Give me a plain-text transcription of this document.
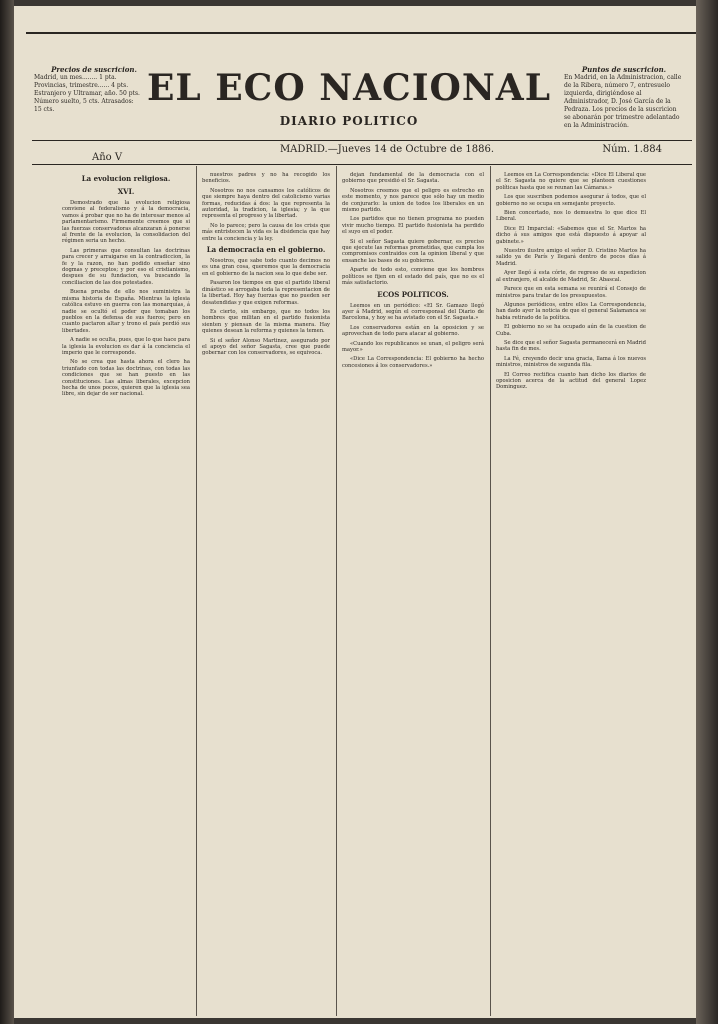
Precios de suscricion.
Madrid, un mes........ 1 pta.
Provincias, trimestre...... 4 pts.
Estranjero y Ultramar, año. 50 pts.
Número suelto, 5 cts. Atrasados:
15 cts.
EL ECO NACIONAL
DIARIO POLITICO
Puntos de suscricion.
En Madrid, en la Administracion, calle de la Ribera, número 7, entresuelo izquierda, dirigiéndose al Administrador, D. José García de la Pedraza. Los precios de la suscricion se abonarán por trimestre adelantado en la Administración.
Año V
MADRID.—Jueves 14 de Octubre de 1886.	Núm. 1.884
La evolucion religiosa.
XVI.

Demostrado que la evolucion religiosa conviene al federalismo y á la democracia, vamos á probar que no ha de interesar menos al parlamentarismo. Firmemente creemos que si las fuerzas conservadoras alcanzaran á ponerse al frente de la evolucion, la consolidacion del régimen seria un hecho.

Las primeras que consultan las doctrinas para crecer y arraigarse en la contradiccion, la fe y la razon, no han podido enseñar sino dogmas y preceptos; y por eso el cristianismo, despues de su fundacion, va buscando la conciliacion de las dos potestades.

Buena prueba de ello nos suministra la misma historia de España. Mientras la iglesia católica estuvo en guerra con las monarquías, á nadie se ocultó el poder que tomaban los pueblos en la defensa de sus fueros; pero en cuanto pactaron altar y trono el país perdió sus libertades.

A nadie se oculta, pues, que lo que hace para la iglesia la evolucion es dar á la conciencia el imperio que le corresponde.

No se crea que hasta ahora el clero ha triunfado con todas las doctrinas, con todas las condiciones que se han puesto en las constituciones. Las almas liberales, excepcion hecha de unos pocos, quieren que la iglesia sea libre, sin dejar de ser nacional.

nuestros padres y no ha recogido los beneficios.

Nosotros no nos cansamos los católicos de que siempre haya dentro del catolicismo varias formas, reducidas á dos: la que representa la autoridad, la tradicion, la iglesia; y la que representa el progreso y la libertad.

No lo parece; pero la causa de los crisis que más entristecen la vida es la disidencia que hay entre la conciencia y la ley.

La democracia en el gobierno.

Nosotros, que sabe todo cuanto decimos no es una gran cosa, queremos que la democracia en el gobierno de la nacion sea lo que debe ser.

Pasaron los tiempos en que el partido liberal dinástico se arrogaba toda la representacion de la libertad. Hoy hay fuerzas que no pueden ser desatendidas y que exigen reformas.

Es cierto, sin embargo, que no todos los hombres que militan en el partido fusionista sienten y piensan de la misma manera. Hay quienes desean la reforma y quienes la temen.

Si el señor Alonso Martinez, asegurado por el apoyo del señor Sagasta, cree que puede gobernar con los conservadores, se equivoca.

dejan fundamental de la democracia con el gobierno que presidió el Sr. Sagasta.

Nosotros creemos que el peligro es estrecho en este momento, y nos parece que sólo hay un medio de conjurarlo: la union de todos los liberales en un mismo partido.

Los partidos que no tienen programa no pueden vivir mucho tiempo. El partido fusionista ha perdido el suyo en el poder.

Si el señor Sagasta quiere gobernar, es preciso que ejecute las reformas prometidas, que cumpla los compromisos contraidos con la opinion liberal y que ensanche las bases de su gobierno.

Aparte de todo esto, conviene que los hombres políticos se fijen en el estado del país, que no es el más satisfactorio.

ECOS POLITICOS.

Leemos en un periódico: «El Sr. Gamazo llegó ayer á Madrid, según el corresponsal del Diario de Barcelona, y hoy se ha avistado con el Sr. Sagasta.»

Los conservadores están en la oposicion y se aprovechan de todo para atacar al gobierno.

«Cuando los republicanos se unan, el peligro será mayor.»

«Dice La Correspondencia: El gobierno ha hecho concesiones á los conservadores.»

Leemos en La Correspondencia: «Dice El Liberal que el Sr. Sagasta no quiere que se planteen cuestiones políticas hasta que se reunan las Cámaras.»

Los que suscriben podemos asegurar á todos, que el gobierno no se ocupa en semejante proyecto.

Bien concertado, nos lo demuestra lo que dice El Liberal.

Dice El Imparcial: «Sabemos que el Sr. Martos ha dicho á sus amigos que está dispuesto á apoyar al gabinete.»

Nuestro ilustre amigo el señor D. Cristino Martos ha salido ya de París y llegará dentro de pocos días á Madrid.

Ayer llegó á esta córte, de regreso de su expedicion al extranjero, el alcalde de Madrid, Sr. Abascal.

Parece que en esta semana se reunirá el Consejo de ministros para tratar de los presupuestos.

Algunos periódicos, entre ellos La Correspondencia, han dado ayer la noticia de que el general Salamanca se habia retirado de la política.

El gobierno no se ha ocupado aún de la cuestion de Cuba.

Se dice que el señor Sagasta permanecerá en Madrid hasta fin de mes.

La Fé, creyendo decir una gracia, llama á los nuevos ministros, ministros de segunda fila.

El Correo rectifica cuanto han dicho los diarios de oposicion acerca de la actitud del general Lopez Dominguez.
